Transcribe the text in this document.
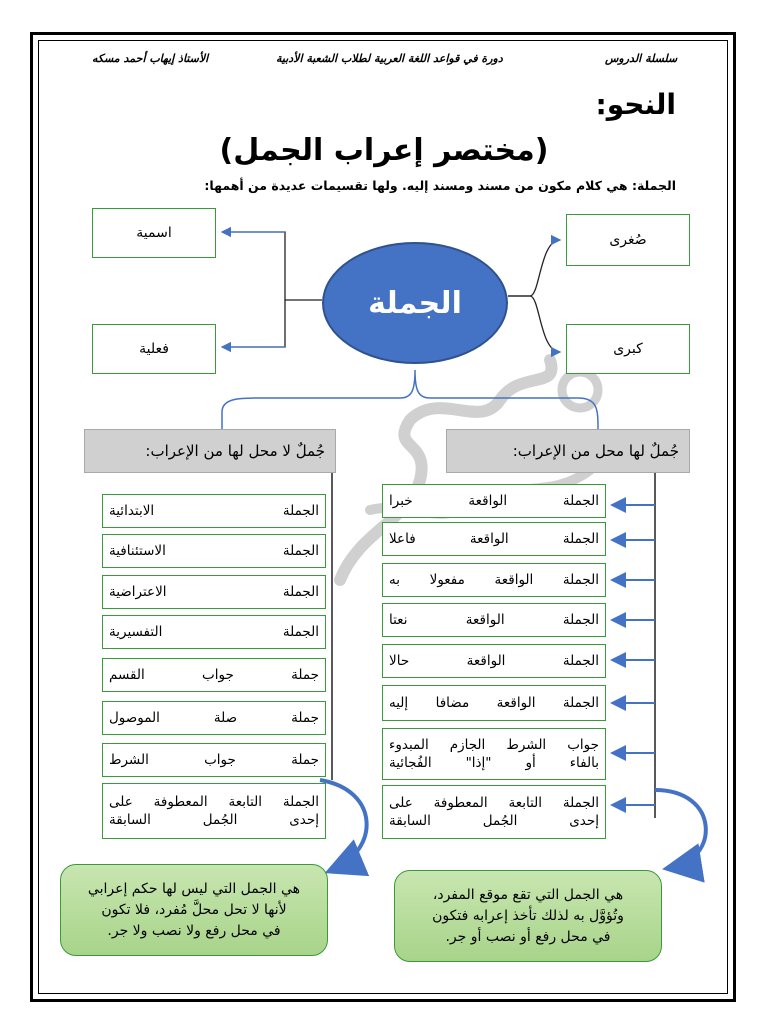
الأستاذ إيهاب أحمد مسكه	دورة في قواعد اللغة العربية لطلاب الشعبة الأدبية	سلسلة الدروس
النحو:
(مختصر إعراب الجمل)
الجملة: هي كلام مكون من مسند ومسند إليه. ولها تقسيمات عديدة من أهمها:
اسمية
فعلية
صُغرى
كبرى
الجملة
جُملٌ لا محل لها من الإعراب:	جُملٌ لها محل من الإعراب:
الجملة الواقعة خبرا
الجملة الواقعة فاعلا
الجملة الواقعة مفعولا به
الجملة الواقعة نعتا
الجملة الواقعة حالا
الجملة الواقعة مضافا إليه
جواب الشرط الجازم المبدوء
بالفاء أو "إذا" الفُجائية
الجملة التابعة المعطوفة على
إحدى الجُمل السابقة
الجملة الابتدائية
الجملة الاستئنافية
الجملة الاعتراضية
الجملة التفسيرية
جملة جواب القسم
جملة صلة الموصول
جملة جواب الشرط
الجملة التابعة المعطوفة على
إحدى الجُمل السابقة
هي الجمل التي ليس لها حكم إعرابي
لأنها لا تحل محلَّ مُفرد، فلا تكون
في محل رفع ولا نصب ولا جر.
هي الجمل التي تقع موقع المفرد،
وتُؤوَّل به لذلك تأخذ إعرابه فتكون
في محل رفع أو نصب أو جر.
